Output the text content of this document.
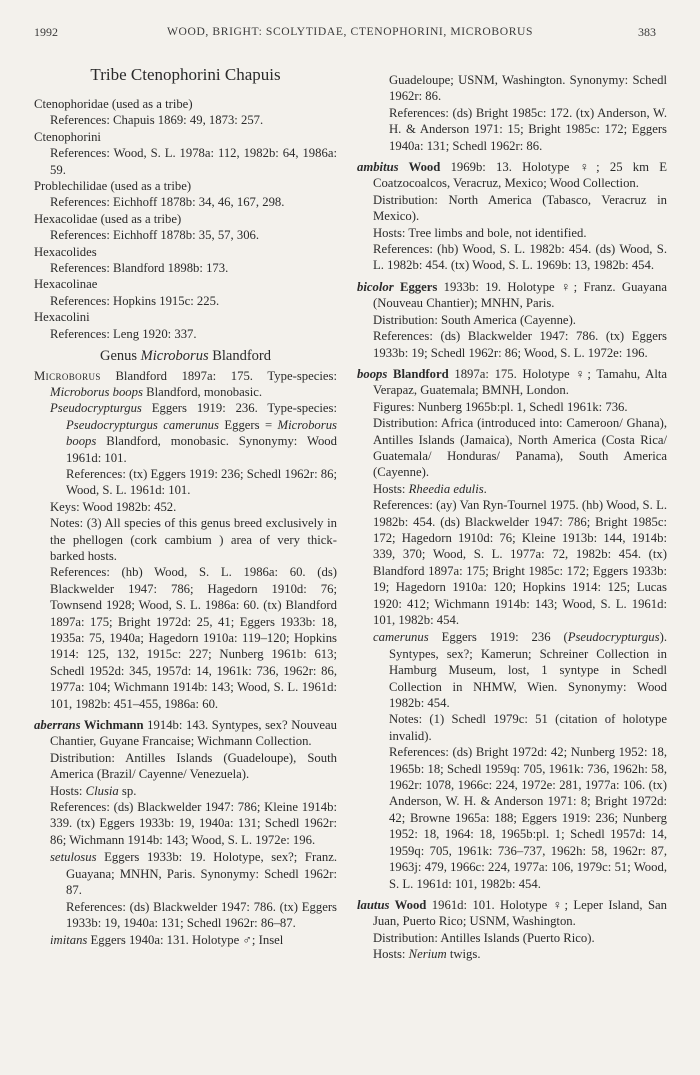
1992	WOOD, BRIGHT: SCOLYTIDAE, CTENOPHORINI, MICROBORUS	383
Tribe Ctenophorini Chapuis

Ctenophoridae (used as a tribe)

References: Chapuis 1869: 49, 1873: 257.

Ctenophorini

References: Wood, S. L. 1978a: 112, 1982b: 64, 1986a: 59.

Problechilidae (used as a tribe)

References: Eichhoff 1878b: 34, 46, 167, 298.

Hexacolidae (used as a tribe)

References: Eichhoff 1878b: 35, 57, 306.

Hexacolides

References: Blandford 1898b: 173.

Hexacolinae

References: Hopkins 1915c: 225.

Hexacolini

References: Leng 1920: 337.

Genus Microborus Blandford

Microborus Blandford 1897a: 175. Type-species: Microborus boops Blandford, monobasic.

Pseudocrypturgus Eggers 1919: 236. Type-species: Pseudocrypturgus camerunus Eggers = Microborus boops Blandford, monobasic. Synonymy: Wood 1961d: 101.

References: (tx) Eggers 1919: 236; Schedl 1962r: 86; Wood, S. L. 1961d: 101.

Keys: Wood 1982b: 452.

Notes: (3) All species of this genus breed exclusively in the phellogen (cork cambium ) area of very thick-barked hosts.

References: (hb) Wood, S. L. 1986a: 60. (ds) Blackwelder 1947: 786; Hagedorn 1910d: 76; Townsend 1928; Wood, S. L. 1986a: 60. (tx) Blandford 1897a: 175; Bright 1972d: 25, 41; Eggers 1933b: 18, 1935a: 75, 1940a; Hagedorn 1910a: 119–120; Hopkins 1914: 125, 132, 1915c: 227; Nunberg 1961b: 613; Schedl 1952d: 345, 1957d: 14, 1961k: 736, 1962r: 86, 1977a: 104; Wichmann 1914b: 143; Wood, S. L. 1961d: 101, 1982b: 451–455, 1986a: 60.

aberrans Wichmann 1914b: 143. Syntypes, sex? Nouveau Chantier, Guyane Francaise; Wichmann Collection.

Distribution: Antilles Islands (Guadeloupe), South America (Brazil/ Cayenne/ Venezuela).

Hosts: Clusia sp.

References: (ds) Blackwelder 1947: 786; Kleine 1914b: 339. (tx) Eggers 1933b: 19, 1940a: 131; Schedl 1962r: 86; Wichmann 1914b: 143; Wood, S. L. 1972e: 196.

setulosus Eggers 1933b: 19. Holotype, sex?; Franz. Guayana; MNHN, Paris. Synonymy: Schedl 1962r: 87.

References: (ds) Blackwelder 1947: 786. (tx) Eggers 1933b: 19, 1940a: 131; Schedl 1962r: 86–87.

imitans Eggers 1940a: 131. Holotype ♂; Insel

Guadeloupe; USNM, Washington. Synonymy: Schedl 1962r: 86.

References: (ds) Bright 1985c: 172. (tx) Anderson, W. H. & Anderson 1971: 15; Bright 1985c: 172; Eggers 1940a: 131; Schedl 1962r: 86.

ambitus Wood 1969b: 13. Holotype ♀; 25 km E Coatzocoalcos, Veracruz, Mexico; Wood Collection.

Distribution: North America (Tabasco, Veracruz in Mexico).

Hosts: Tree limbs and bole, not identified.

References: (hb) Wood, S. L. 1982b: 454. (ds) Wood, S. L. 1982b: 454. (tx) Wood, S. L. 1969b: 13, 1982b: 454.

bicolor Eggers 1933b: 19. Holotype ♀; Franz. Guayana (Nouveau Chantier); MNHN, Paris.

Distribution: South America (Cayenne).

References: (ds) Blackwelder 1947: 786. (tx) Eggers 1933b: 19; Schedl 1962r: 86; Wood, S. L. 1972e: 196.

boops Blandford 1897a: 175. Holotype ♀; Tamahu, Alta Verapaz, Guatemala; BMNH, London.

Figures: Nunberg 1965b:pl. 1, Schedl 1961k: 736.

Distribution: Africa (introduced into: Cameroon/ Ghana), Antilles Islands (Jamaica), North America (Costa Rica/ Guatemala/ Honduras/ Panama), South America (Cayenne).

Hosts: Rheedia edulis.

References: (ay) Van Ryn-Tournel 1975. (hb) Wood, S. L. 1982b: 454. (ds) Blackwelder 1947: 786; Bright 1985c: 172; Hagedorn 1910d: 76; Kleine 1913b: 144, 1914b: 339, 370; Wood, S. L. 1977a: 72, 1982b: 454. (tx) Blandford 1897a: 175; Bright 1985c: 172; Eggers 1933b: 19; Hagedorn 1910a: 120; Hopkins 1914: 125; Lucas 1920: 412; Wichmann 1914b: 143; Wood, S. L. 1961d: 101, 1982b: 454.

camerunus Eggers 1919: 236 (Pseudocrypturgus). Syntypes, sex?; Kamerun; Schreiner Collection in Hamburg Museum, lost, 1 syntype in Schedl Collection in NHMW, Wien. Synonymy: Wood 1982b: 454.

Notes: (1) Schedl 1979c: 51 (citation of holotype invalid).

References: (ds) Bright 1972d: 42; Nunberg 1952: 18, 1965b: 18; Schedl 1959q: 705, 1961k: 736, 1962h: 58, 1962r: 1078, 1966c: 224, 1972e: 281, 1977a: 106. (tx) Anderson, W. H. & Anderson 1971: 8; Bright 1972d: 42; Browne 1965a: 188; Eggers 1919: 236; Nunberg 1952: 18, 1964: 18, 1965b:pl. 1; Schedl 1957d: 14, 1959q: 705, 1961k: 736–737, 1962h: 58, 1962r: 87, 1963j: 479, 1966c: 224, 1977a: 106, 1979c: 51; Wood, S. L. 1961d: 101, 1982b: 454.

lautus Wood 1961d: 101. Holotype ♀; Leper Island, San Juan, Puerto Rico; USNM, Washington.

Distribution: Antilles Islands (Puerto Rico).

Hosts: Nerium twigs.
